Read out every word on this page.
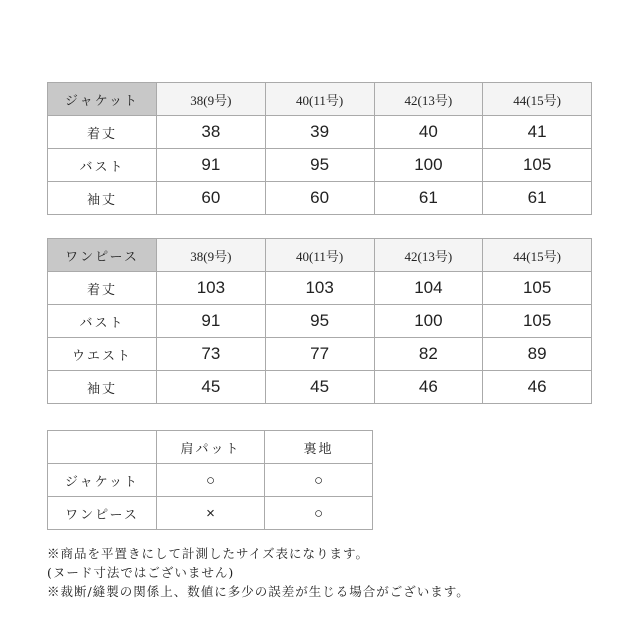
ジャケット	38(9号)	40(11号)	42(13号)	44(15号)
着丈	38	39	40	41
バスト	91	95	100	105
袖丈	60	60	61	61
ワンピース	38(9号)	40(11号)	42(13号)	44(15号)
着丈	103	103	104	105
バスト	91	95	100	105
ウエスト	73	77	82	89
袖丈	45	45	46	46
	肩パット	裏地
ジャケット	○	○
ワンピース	×	○
※商品を平置きにして計測したサイズ表になります。
(ヌード寸法ではございません)
※裁断/縫製の関係上、数値に多少の誤差が生じる場合がございます。
